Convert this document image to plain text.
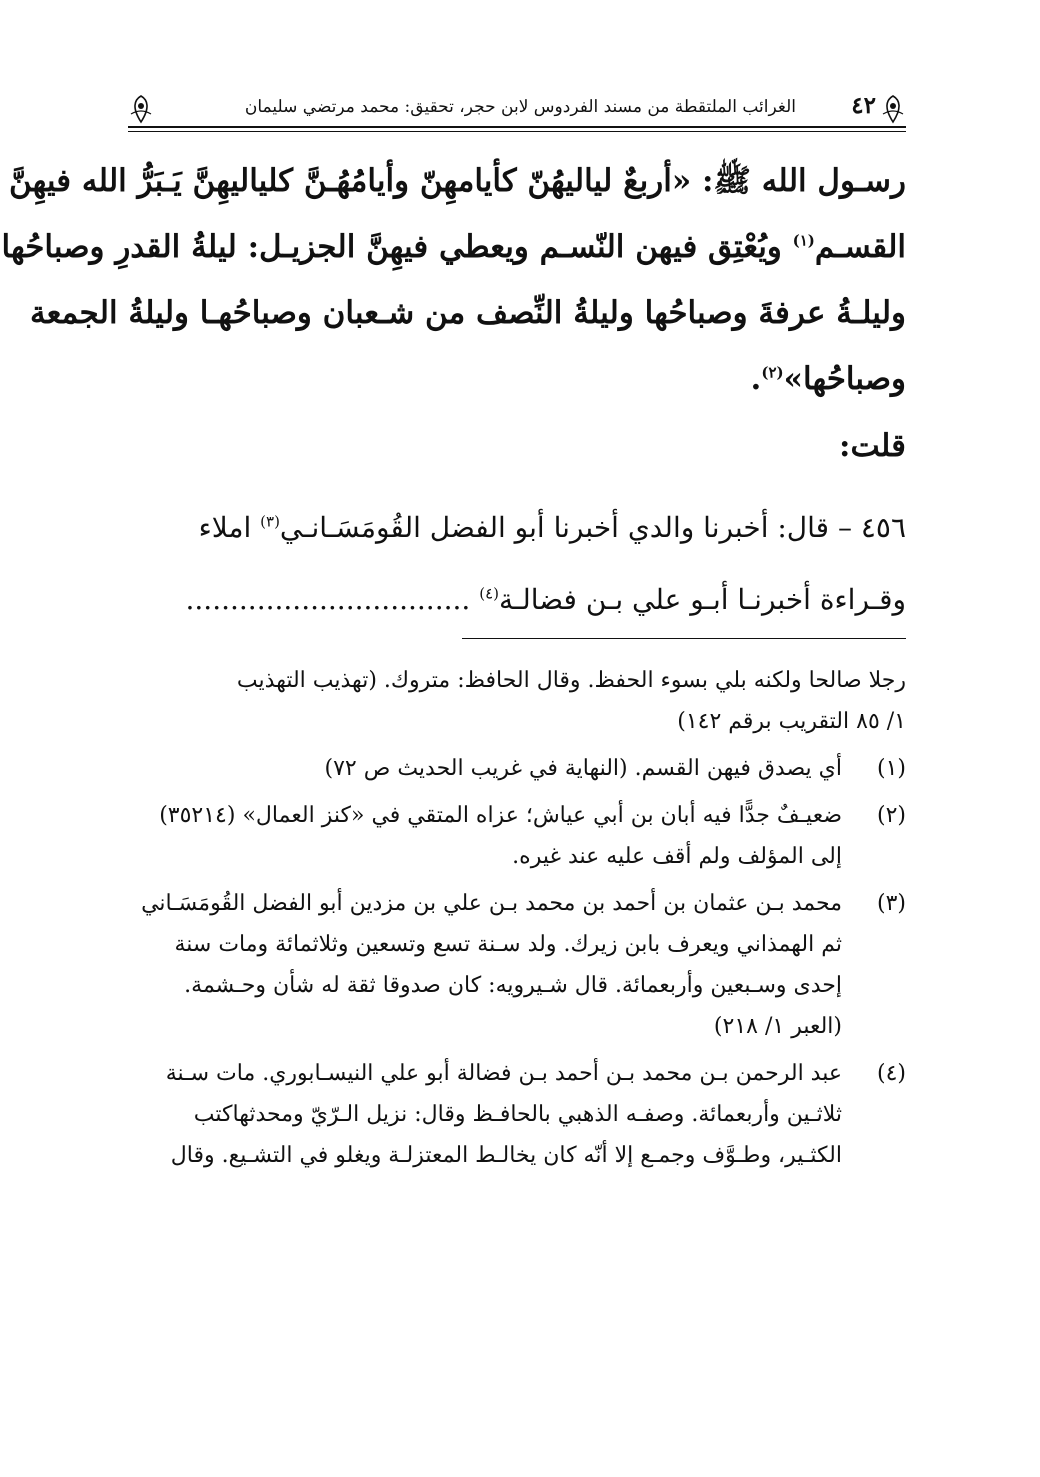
٤٢
الغرائب الملتقطة من مسند الفردوس لابن حجر، تحقيق: محمد مرتضي سليمان
رسـول الله ﷺ: «أربعٌ لياليهُنّ كأيامهِنّ وأيامُهُـنَّ كلياليهِنَّ يَـبَرُّ الله فيهِنَّ
القسـم$^{(١)}$ ويُعْتِق فيهن النّسـم ويعطي فيهِنَّ الجزيـل: ليلةُ القدرِ وصباحُها
وليلـةُ عرفةَ وصباحُها وليلةُ النِّصف من شـعبان وصباحُهـا وليلةُ الجمعة
وصباحُها»$^{(٢)}$.
قلت:
٤٥٦ – قال: أخبرنا والدي أخبرنا أبو الفضل القُومَسَـانـي$^{(٣)}$ املاء
وقـراءة أخبرنـا أبـو علي بـن فضالـة$^{(٤)}$ ................................
رجلا صالحا ولكنه بلي بسوء الحفظ. وقال الحافظ: متروك. (تهذيب التهذيب
١/ ٨٥ التقريب برقم ١٤٢)
(١)
أي يصدق فيهن القسم. (النهاية في غريب الحديث ص ٧٢)
(٢)
ضعيـفٌ جدًّا فيه أبان بن أبي عياش؛ عزاه المتقي في «كنز العمال» (٣٥٢١٤)
إلى المؤلف ولم أقف عليه عند غيره.
(٣)
محمد بـن عثمان بن أحمد بن محمد بـن علي بن مزدين أبو الفضل القُومَسَـاني
ثم الهمذاني ويعرف بابن زيرك. ولد سـنة تسع وتسعين وثلاثمائة ومات سنة
إحدى وسـبعين وأربعمائة. قال شـيرويه: كان صدوقا ثقة له شأن وحـشمة.
(العبر ١/ ٢١٨)
(٤)
عبد الرحمن بـن محمد بـن أحمد بـن فضالة أبو علي النيسـابوري. مات سـنة
ثلاثـين وأربعمائة. وصفـه الذهبي بالحافـظ وقال: نزيل الـرّيّ ومحدثهاكتب
الكثـير، وطـوَّف وجمـع إلا أنّه كان يخالـط المعتزلـة ويغلو في التشـيع. وقال
